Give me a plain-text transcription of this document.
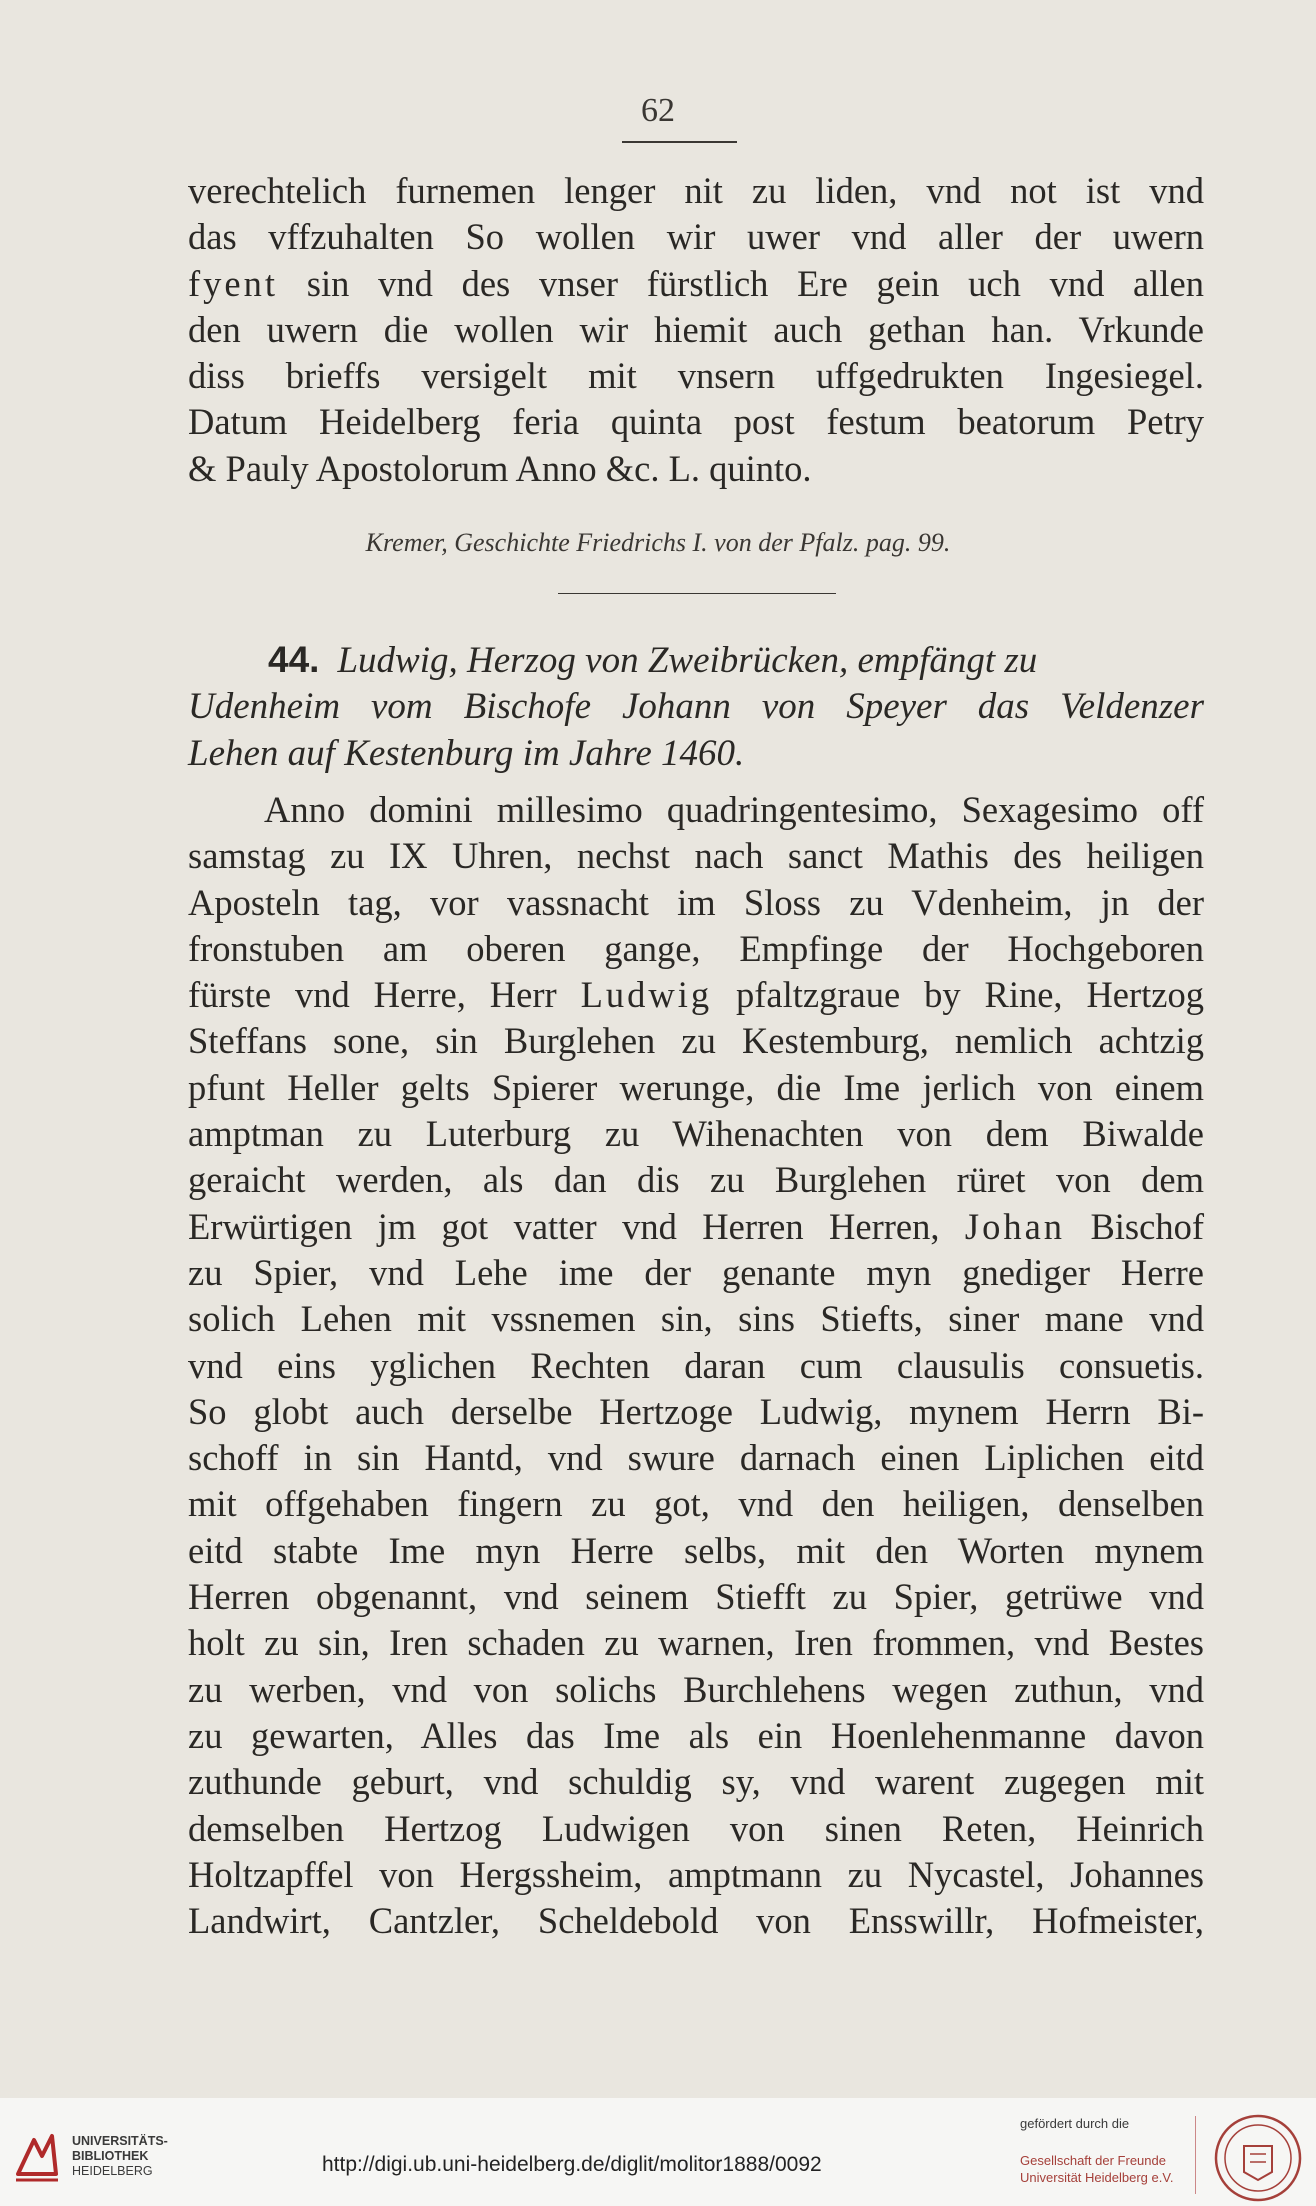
62
verechtelich furnemen lenger nit zu liden, vnd not ist vnd
das vffzuhalten So wollen wir uwer vnd aller der uwern
fyent sin vnd des vnser fürstlich Ere gein uch vnd allen
den uwern die wollen wir hiemit auch gethan han. Vrkunde
diss brieffs versigelt mit vnsern uffgedrukten Ingesiegel.
Datum Heidelberg feria quinta post festum beatorum Petry
& Pauly Apostolorum Anno &c. L. quinto.
Kremer, Geschichte Friedrichs I. von der Pfalz. pag. 99.
44. Ludwig, Herzog von Zweibrücken, empfängt zu
Udenheim vom Bischofe Johann von Speyer das Veldenzer
Lehen auf Kestenburg im Jahre 1460.
Anno domini millesimo quadringentesimo, Sexagesimo off
samstag zu IX Uhren, nechst nach sanct Mathis des heiligen
Aposteln tag, vor vassnacht im Sloss zu Vdenheim, jn der
fronstuben am oberen gange, Empfinge der Hochgeboren
fürste vnd Herre, Herr Ludwig pfaltzgraue by Rine, Hertzog
Steffans sone, sin Burglehen zu Kestemburg, nemlich achtzig
pfunt Heller gelts Spierer werunge, die Ime jerlich von einem
amptman zu Luterburg zu Wihenachten von dem Biwalde
geraicht werden, als dan dis zu Burglehen rüret von dem
Erwürtigen jm got vatter vnd Herren Herren, Johan Bischof
zu Spier, vnd Lehe ime der genante myn gnediger Herre
solich Lehen mit vssnemen sin, sins Stiefts, siner mane vnd
vnd eins yglichen Rechten daran cum clausulis consuetis.
So globt auch derselbe Hertzoge Ludwig, mynem Herrn Bi-
schoff in sin Hantd, vnd swure darnach einen Liplichen eitd
mit offgehaben fingern zu got, vnd den heiligen, denselben
eitd stabte Ime myn Herre selbs, mit den Worten mynem
Herren obgenannt, vnd seinem Stiefft zu Spier, getrüwe vnd
holt zu sin, Iren schaden zu warnen, Iren frommen, vnd Bestes
zu werben, vnd von solichs Burchlehens wegen zuthun, vnd
zu gewarten, Alles das Ime als ein Hoenlehenmanne davon
zuthunde geburt, vnd schuldig sy, vnd warent zugegen mit
demselben Hertzog Ludwigen von sinen Reten, Heinrich
Holtzapffel von Hergssheim, amptmann zu Nycastel, Johannes
Landwirt, Cantzler, Scheldebold von Ensswillr, Hofmeister,
UNIVERSITÄTS-
BIBLIOTHEK
HEIDELBERG	http://digi.ub.uni-heidelberg.de/diglit/molitor1888/0092
gefördert durch die
Gesellschaft der Freunde
Universität Heidelberg e.V.
